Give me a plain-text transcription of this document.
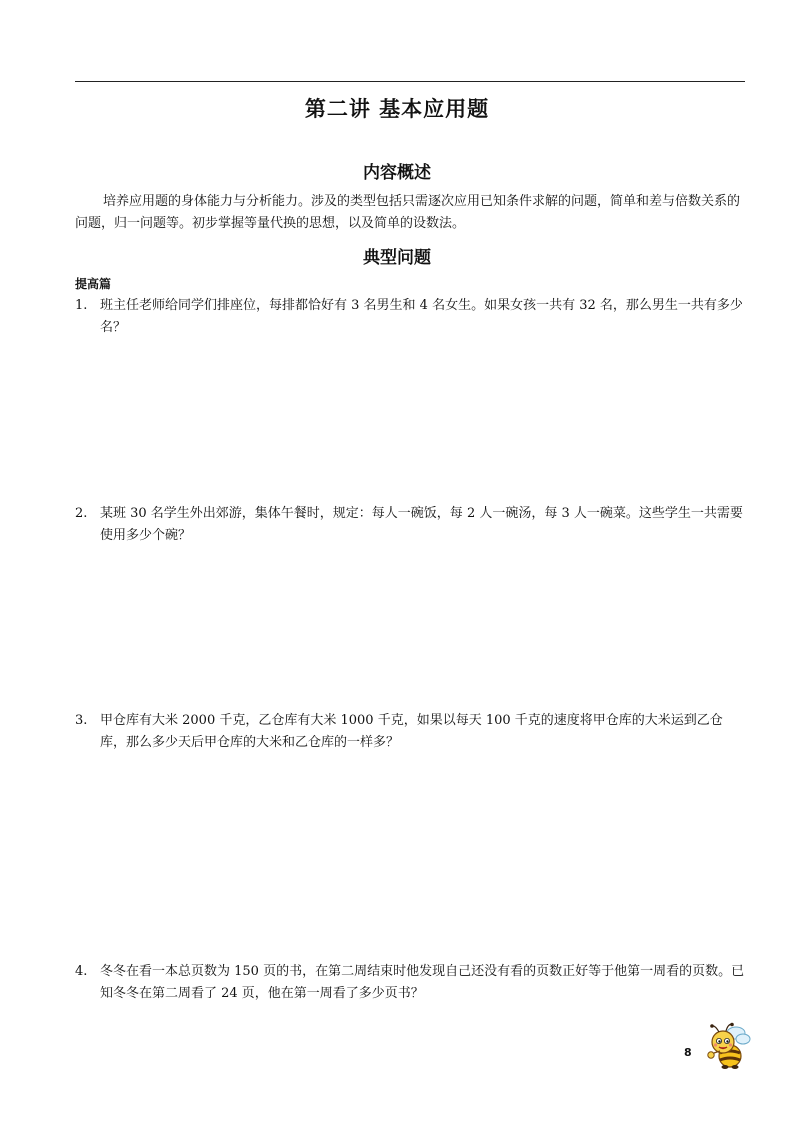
第二讲 基本应用题
内容概述

培养应用题的身体能力与分析能力。涉及的类型包括只需逐次应用已知条件求解的问题，简单和差与倍数关系的问题，归一问题等。初步掌握等量代换的思想，以及简单的设数法。

典型问题
提高篇
1. 班主任老师给同学们排座位，每排都恰好有 3 名男生和 4 名女生。如果女孩一共有 32 名，那么男生一共有多少名？
2. 某班 30 名学生外出郊游，集体午餐时，规定：每人一碗饭，每 2 人一碗汤，每 3 人一碗菜。这些学生一共需要使用多少个碗？
3. 甲仓库有大米 2000 千克，乙仓库有大米 1000 千克，如果以每天 100 千克的速度将甲仓库的大米运到乙仓库，那么多少天后甲仓库的大米和乙仓库的一样多？
4. 冬冬在看一本总页数为 150 页的书，在第二周结束时他发现自己还没有看的页数正好等于他第一周看的页数。已知冬冬在第二周看了 24 页，他在第一周看了多少页书？
8
